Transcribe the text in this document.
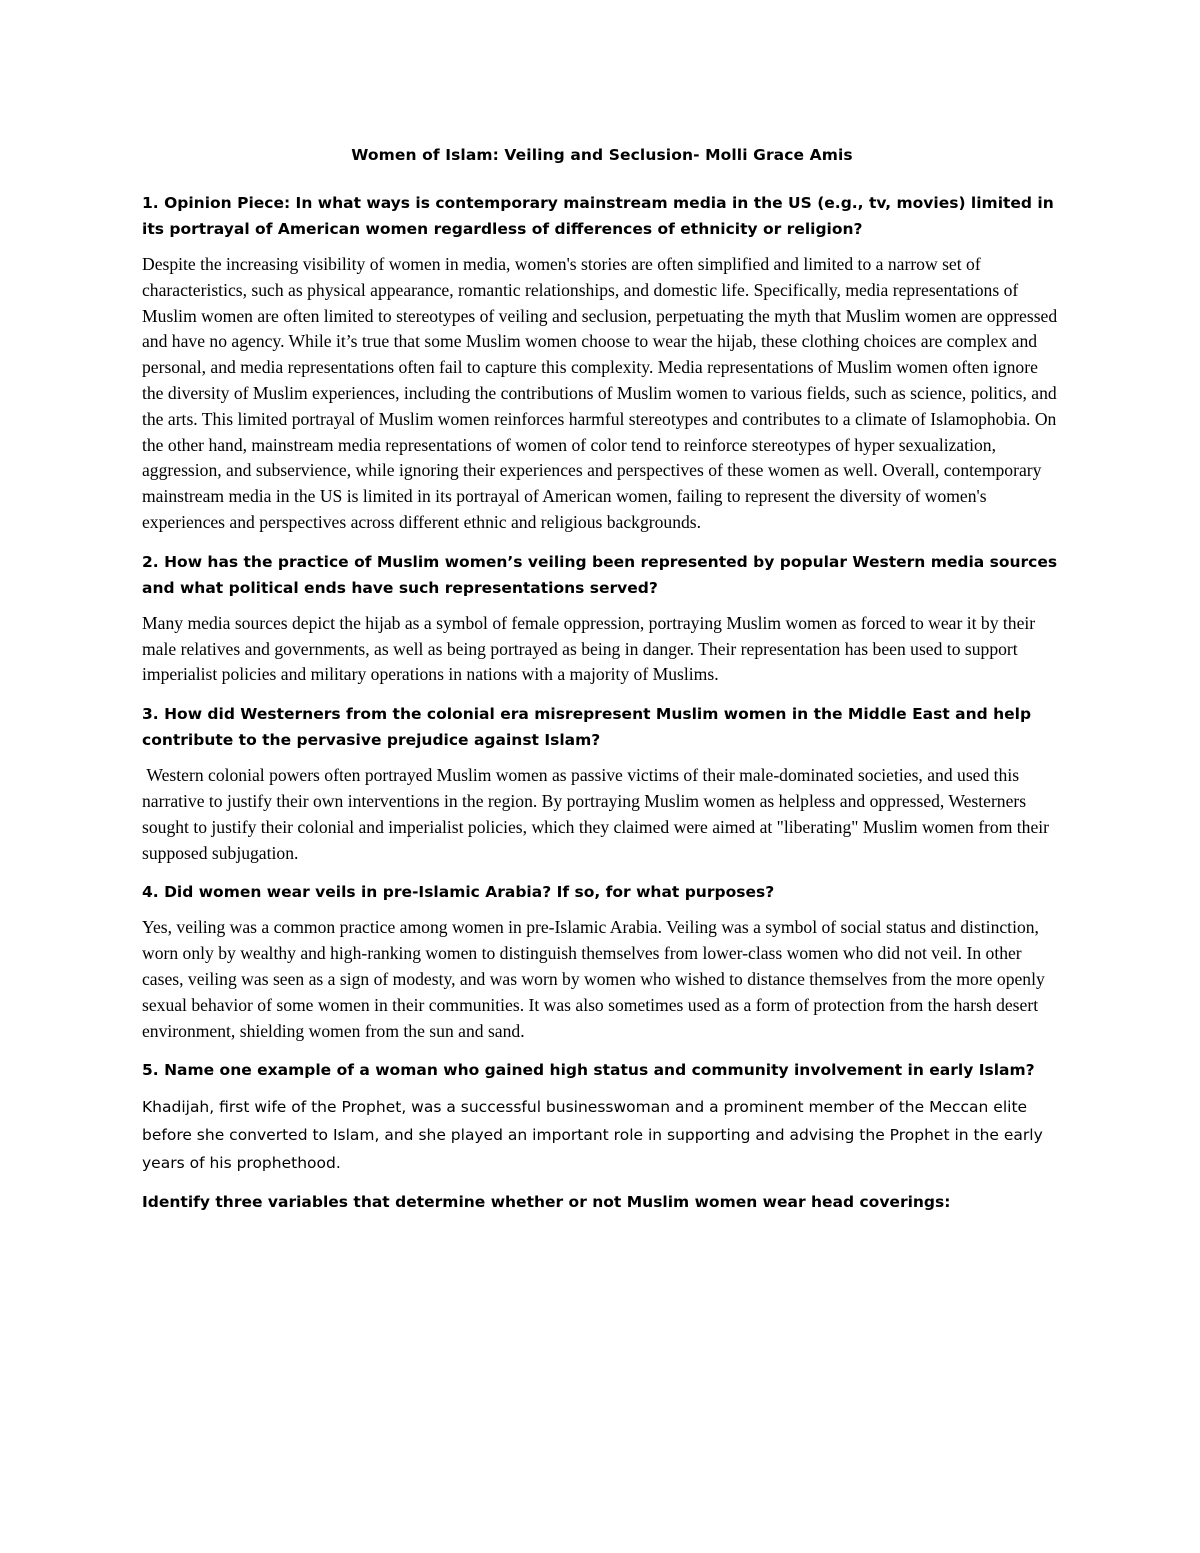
Women of Islam: Veiling and Seclusion- Molli Grace Amis
1. Opinion Piece: In what ways is contemporary mainstream media in the US (e.g., tv, movies) limited in its portrayal of American women regardless of differences of ethnicity or religion?
Despite the increasing visibility of women in media, women's stories are often simplified and limited to a narrow set of characteristics, such as physical appearance, romantic relationships, and domestic life. Specifically, media representations of Muslim women are often limited to stereotypes of veiling and seclusion, perpetuating the myth that Muslim women are oppressed and have no agency. While it’s true that some Muslim women choose to wear the hijab, these clothing choices are complex and personal, and media representations often fail to capture this complexity. Media representations of Muslim women often ignore the diversity of Muslim experiences, including the contributions of Muslim women to various fields, such as science, politics, and the arts. This limited portrayal of Muslim women reinforces harmful stereotypes and contributes to a climate of Islamophobia. On the other hand, mainstream media representations of women of color tend to reinforce stereotypes of hyper sexualization, aggression, and subservience, while ignoring their experiences and perspectives of these women as well. Overall, contemporary mainstream media in the US is limited in its portrayal of American women, failing to represent the diversity of women's experiences and perspectives across different ethnic and religious backgrounds.
2. How has the practice of Muslim women’s veiling been represented by popular Western media sources and what political ends have such representations served?
Many media sources depict the hijab as a symbol of female oppression, portraying Muslim women as forced to wear it by their male relatives and governments, as well as being portrayed as being in danger. Their representation has been used to support imperialist policies and military operations in nations with a majority of Muslims.
3. How did Westerners from the colonial era misrepresent Muslim women in the Middle East and help contribute to the pervasive prejudice against Islam?
Western colonial powers often portrayed Muslim women as passive victims of their male-dominated societies, and used this narrative to justify their own interventions in the region. By portraying Muslim women as helpless and oppressed, Westerners sought to justify their colonial and imperialist policies, which they claimed were aimed at "liberating" Muslim women from their supposed subjugation.
4. Did women wear veils in pre-Islamic Arabia? If so, for what purposes?
Yes, veiling was a common practice among women in pre-Islamic Arabia. Veiling was a symbol of social status and distinction, worn only by wealthy and high-ranking women to distinguish themselves from lower-class women who did not veil. In other cases, veiling was seen as a sign of modesty, and was worn by women who wished to distance themselves from the more openly sexual behavior of some women in their communities. It was also sometimes used as a form of protection from the harsh desert environment, shielding women from the sun and sand.
5. Name one example of a woman who gained high status and community involvement in early Islam?
Khadijah, first wife of the Prophet, was a successful businesswoman and a prominent member of the Meccan elite before she converted to Islam, and she played an important role in supporting and advising the Prophet in the early years of his prophethood.
Identify three variables that determine whether or not Muslim women wear head coverings:
